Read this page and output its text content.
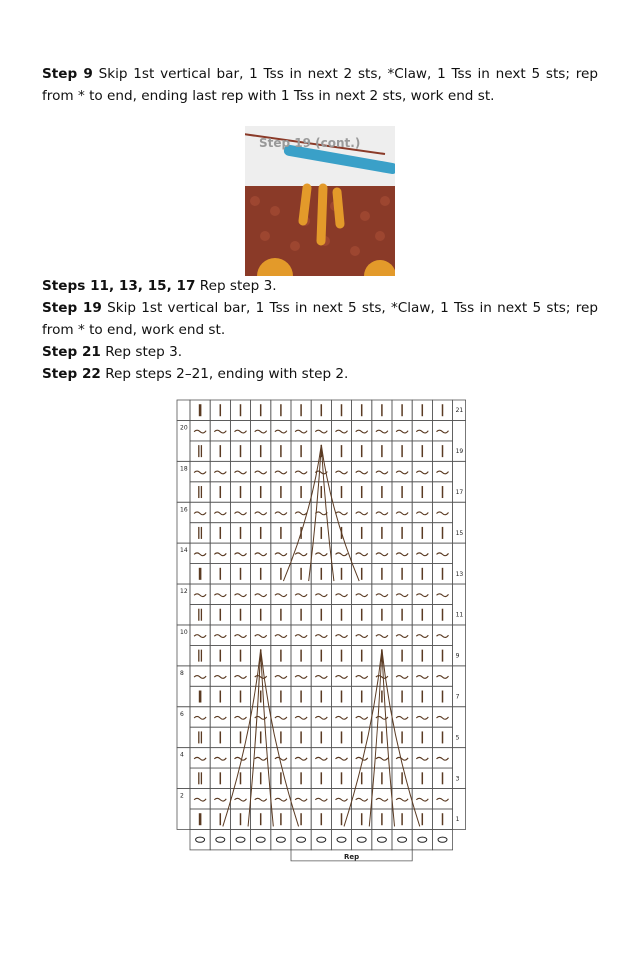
Step 9 Skip 1st vertical bar, 1 Tss in next 2 sts, *Claw, 1 Tss in next 5 sts; rep from * to end, ending last rep with 1 Tss in next 2 sts, work end st.
Step 19 (cont.)
Steps 11, 13, 15, 17 Rep step 3.
Step 19 Skip 1st vertical bar, 1 Tss in next 5 sts, *Claw, 1 Tss in next 5 sts; rep from * to end, work end st.
Step 21 Rep step 3.
Step 22 Rep steps 2–21, ending with step 2.
20
18
16
14
12
10
8
6
4
2
21
19
17
15
13
11
9
7
5
3
1
Rep
